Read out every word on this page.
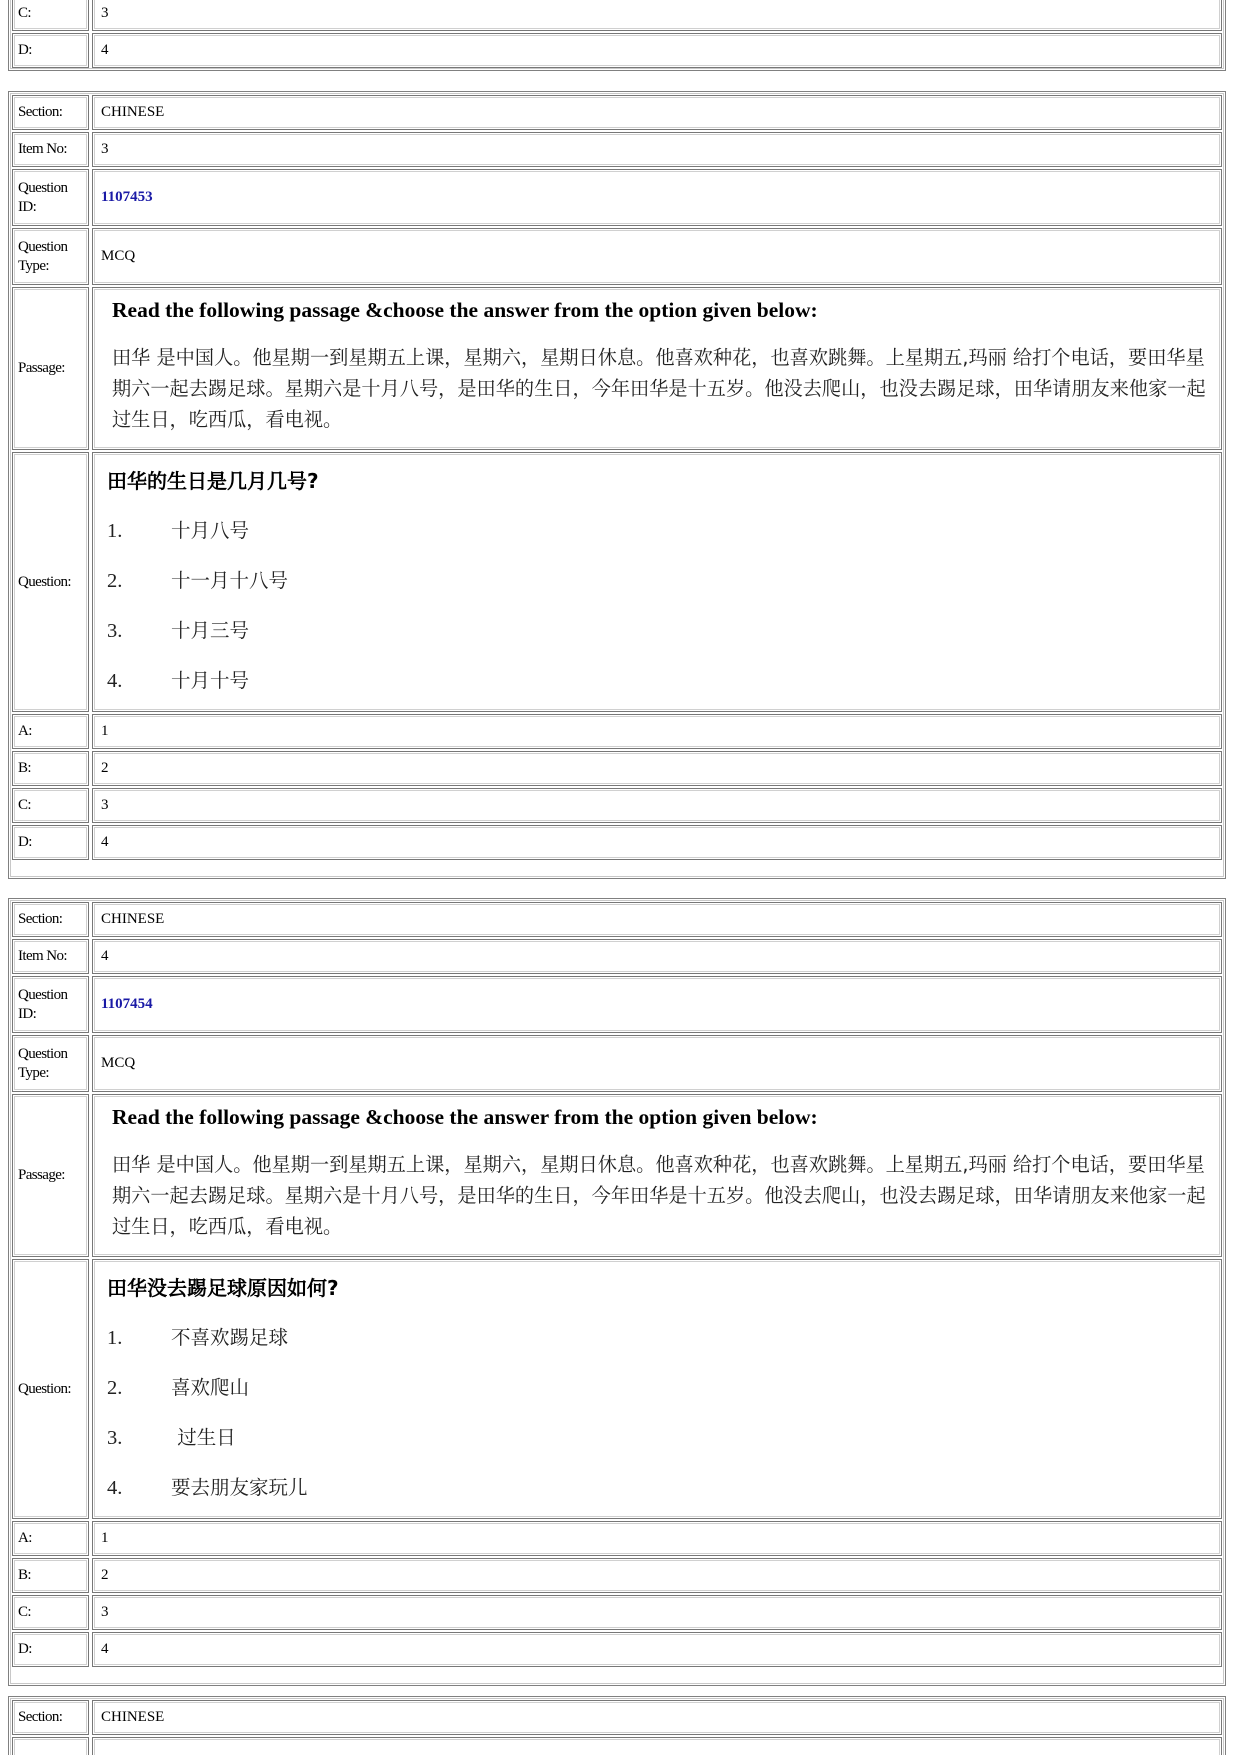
C:	3
D:	4
Section:	CHINESE
Item No:	3
Question ID:
1107453
Question Type:
MCQ
Passage:
Read the following passage &choose the answer from the option given below:
田华 是中国人。他星期一到星期五上课，星期六，星期日休息。他喜欢种花，也喜欢跳舞。上星期五,玛丽 给打个电话，要田华星期六一起去踢足球。星期六是十月八号，是田华的生日，今年田华是十五岁。他没去爬山，也没去踢足球，田华请朋友来他家一起过生日，吃西瓜，看电视。
Question:
田华的生日是几月几号?
1. 十月八号
2. 十一月十八号
3. 十月三号
4. 十月十号
A:	1
B:	2
C:	3
D:	4
Section:	CHINESE
Item No:	4
Question ID:
1107454
Question Type:
MCQ
Passage:
Read the following passage &choose the answer from the option given below:
田华 是中国人。他星期一到星期五上课，星期六，星期日休息。他喜欢种花，也喜欢跳舞。上星期五,玛丽 给打个电话，要田华星期六一起去踢足球。星期六是十月八号，是田华的生日，今年田华是十五岁。他没去爬山，也没去踢足球，田华请朋友来他家一起过生日，吃西瓜，看电视。
Question:
田华没去踢足球原因如何?
1. 不喜欢踢足球
2. 喜欢爬山
3. 过生日
4. 要去朋友家玩儿
A:	1
B:	2
C:	3
D:	4
Section:	CHINESE
